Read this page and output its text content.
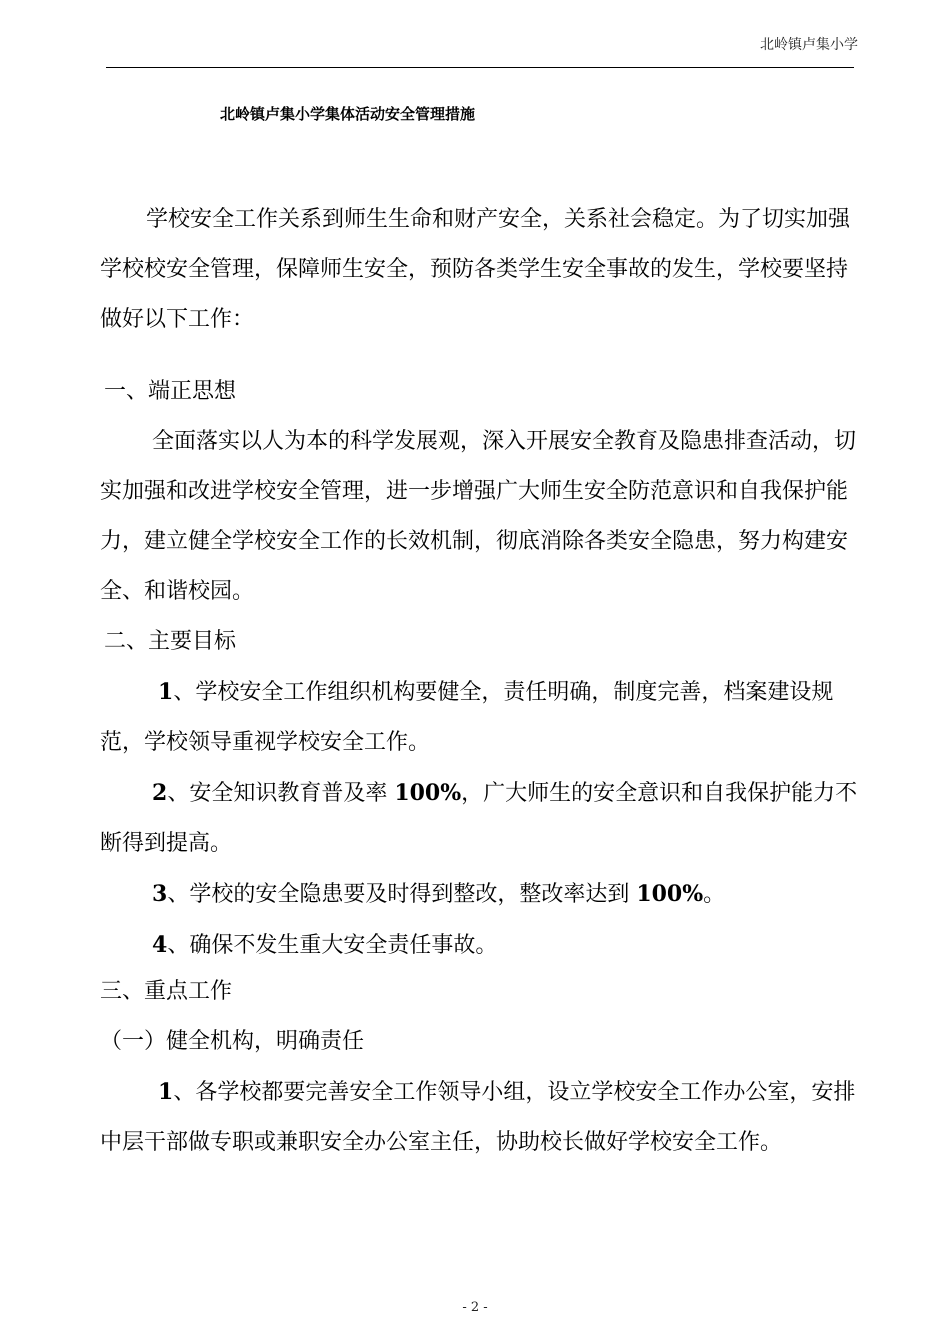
北岭镇卢集小学
北岭镇卢集小学集体活动安全管理措施

学校安全工作关系到师生生命和财产安全，关系社会稳定。为了切实加强学校校安全管理，保障师生安全，预防各类学生安全事故的发生，学校要坚持做好以下工作：

一、端正思想

全面落实以人为本的科学发展观，深入开展安全教育及隐患排查活动，切实加强和改进学校安全管理，进一步增强广大师生安全防范意识和自我保护能力，建立健全学校安全工作的长效机制，彻底消除各类安全隐患，努力构建安全、和谐校园。

二、主要目标

1、学校安全工作组织机构要健全，责任明确，制度完善，档案建设规范，学校领导重视学校安全工作。

2、安全知识教育普及率 100%，广大师生的安全意识和自我保护能力不断得到提高。

3、学校的安全隐患要及时得到整改，整改率达到 100%。

4、确保不发生重大安全责任事故。

三、重点工作

（一）健全机构，明确责任

1、各学校都要完善安全工作领导小组，设立学校安全工作办公室，安排中层干部做专职或兼职安全办公室主任，协助校长做好学校安全工作。

- 2 -
